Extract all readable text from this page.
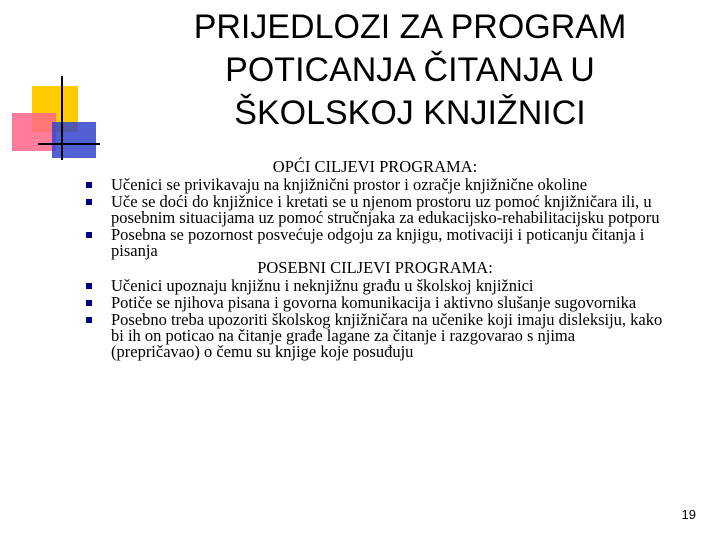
PRIJEDLOZI ZA PROGRAM
POTICANJA ČITANJA U
ŠKOLSKOJ KNJIŽNICI
OPĆI CILJEVI PROGRAMA:
Učenici se privikavaju na knjižnični prostor i ozračje knjižnične okoline
Uče se doći do knjižnice i kretati se u njenom prostoru uz pomoć knjižničara ili, u posebnim situacijama uz pomoć stručnjaka za edukacijsko-rehabilitacijsku potporu
Posebna se pozornost posvećuje odgoju za knjigu, motivaciji i poticanju čitanja i pisanja
POSEBNI CILJEVI PROGRAMA:
Učenici upoznaju knjižnu i neknjižnu građu u školskoj knjižnici
Potiče se njihova pisana i govorna komunikacija i aktivno slušanje sugovornika
Posebno treba upozoriti školskog knjižničara na učenike koji imaju disleksiju, kako bi ih on poticao na čitanje građe lagane za čitanje i razgovarao s njima (prepričavao) o čemu su knjige koje posuđuju
19
